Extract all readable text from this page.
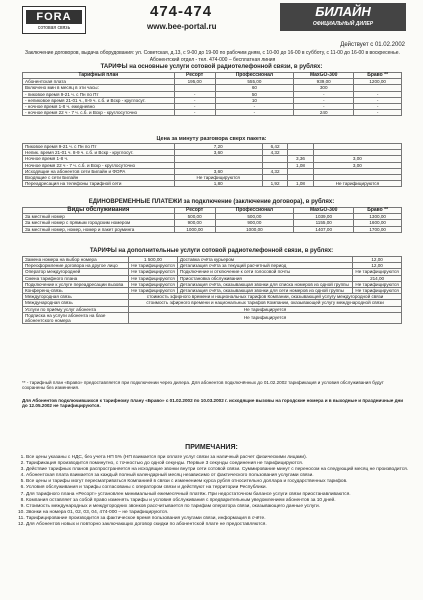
FORA
сотовая связь
474-474
www.bee-portal.ru
БИЛАЙН
ОФИЦИАЛЬНЫЙ ДИЛЕР
Действует с 01.02.2002
Заключение договоров, выдача оборудования: ул. Советская, д.13, с 9-00 до 19-00 по рабочим дням, с 10-00 до 16-00 в субботу, с 11-00 до 16-00 в воскресенье. Абонентский отдел - тел. 474-000 – бесплатная линия
ТАРИФЫ на основные услуги сотовой радиотелефонной связи, в рублях:
Тарифный план	Ресорт	Профессионал	MaxGO-300	Браво **
Абонентская плата	195,00	555,00	939,00	1200,00
Включено мин в месяц в эти часы:		60	300	
- пиковое время 9-21 ч. с Пн по Пт	-	50	-	-
- непиковое время 21-01 ч., 8-9 ч. с.б. и Вскр - круглосут.	-	10	-	-
- ночное время 1-8 ч. ежедневно	-	-	-	-
- ночное время 22 ч - 7 ч. с.б. и Вскр - круглосуточно	-	-	240	-
Цена за минуту разговора сверх пакета:
Пиковое время 9-21 ч. с Пн по Пт	7,20	6,42		
Непик. время 21-01 ч. 8-9 ч. с.б. и Вскр - круглосут.	3,60	4,32		
Ночное время 1-8 ч.			3,36	3,00
Ночное время 22 ч - 7 ч. с.б. и Вскр - круглосуточно			1,08	3,00
Исходящие на абонентов сети Билайн и ФОРА	3,60	4,32		
Входящие с сети Билайн	Не тарифицируются			
Переадресация на телефоны тарифной сети	1,80	1,92	1,08	Не тарифицируются
ЕДИНОВРЕМЕННЫЕ ПЛАТЕЖИ за подключение (заключение договора), в рублях:
Виды обслуживания	Ресорт	Профессионал	MaxGO-300	Браво **
За местный номер	500,00	500,00	1039,00	1300,00
За местный номер с прямым городским номером	900,00	900,00	1155,00	1600,00
За местный номер, номер, номер и пакет роуминга	1000,00	1000,00	1407,00	1700,00
ТАРИФЫ на дополнительные услуги сотовой радиотелефонной связи, в рублях:
Замена номера на выбор номера	1 500,00	Доставка счёта курьером	12,00
Переоформление договора на другое лицо	Не тарифицируются	Детализация счёта за текущий расчетный период	12,00
Оператор междугородней	Не тарифицируются	Подключение и отключение к сети голосовой почты	Не тарифицируются
Смена тарифного плана	Не тарифицируются	Приостановка обслуживания	214,00
Подключение к услуге переадресации вызова	Не тарифицируются	Детализация счёта, оказывающая звонки для списка номеров из одной группы	Не тарифицируются
Конференц-связь	Не тарифицируются	Детализация счёта, оказывающая звонки для сети номеров из одной группы	Не тарифицируются
Междугородная связь	стоимость эфирного времени и национальных тарифов Компании, оказывающей услугу междугородной связи		
Международная связь	стоимость эфирного времени и национальных тарифов Компании, оказывающей услугу международной связи		
Услуги по приёму услуг абонента	Не тарифицируется		
Подписка на услуги абонента на базе абонентского номера	Не тарифицируется		
** - тарифный план «Браво» предоставляется при подключении через дилера. Для абонентов подключённых до 01.02.2002 тарификация и условия обслуживания будут сохранены без изменения.
Для Абонентов подключившихся к тарифному плану «Браво» с 01.02.2002 по 10.03.2002 г. исходящие вызовы на городские номера и в выходные и праздничные дни до 12.05.2002 не тарифицируются.
ПРИМЕЧАНИЯ:
1. Все цены указаны с НДС, без учета НП 5% (НП взимается при оплате услуг связи за наличный расчет физическими лицами).
2. Тарификация производится поминутно, с точностью до одной секунды. Первые 3 секунды соединения не тарифицируются.
3. Действие тарифных планов распространяется на исходящие звонки внутри сети сотовой связи. Суммирование минут с переносом на следующий месяц не производится.
4. Абонентская плата взимается за каждый полный календарный месяц независимо от фактического пользования услугами связи.
5. Все цены и тарифы могут пересматриваться Компанией в связи с изменением курса рубля относительно доллара и государственных тарифов.
6. Условия обслуживания и тарифы согласованы с оператором связи и действуют на территории Республики.
7. Для тарифного плана «Ресорт» установлен минимальный ежемесячный платёж. При недостаточном балансе услуги связи приостанавливаются.
8. Компания оставляет за собой право изменять тарифы и условия обслуживания с предварительным уведомлением абонентов за 10 дней.
9. Стоимость международных и междугородних звонков рассчитывается по тарифам оператора связи, оказывающего данные услуги.
10. Звонки на номера 01, 02, 03, 04, 474-000 – не тарифицируются.
11. Тарифицирование производится за фактическое время пользования услугами связи, информация в счёте.
12. Для Абонентов новых и повторно заключающих договор скидки по абонентской плате не предоставляются.
